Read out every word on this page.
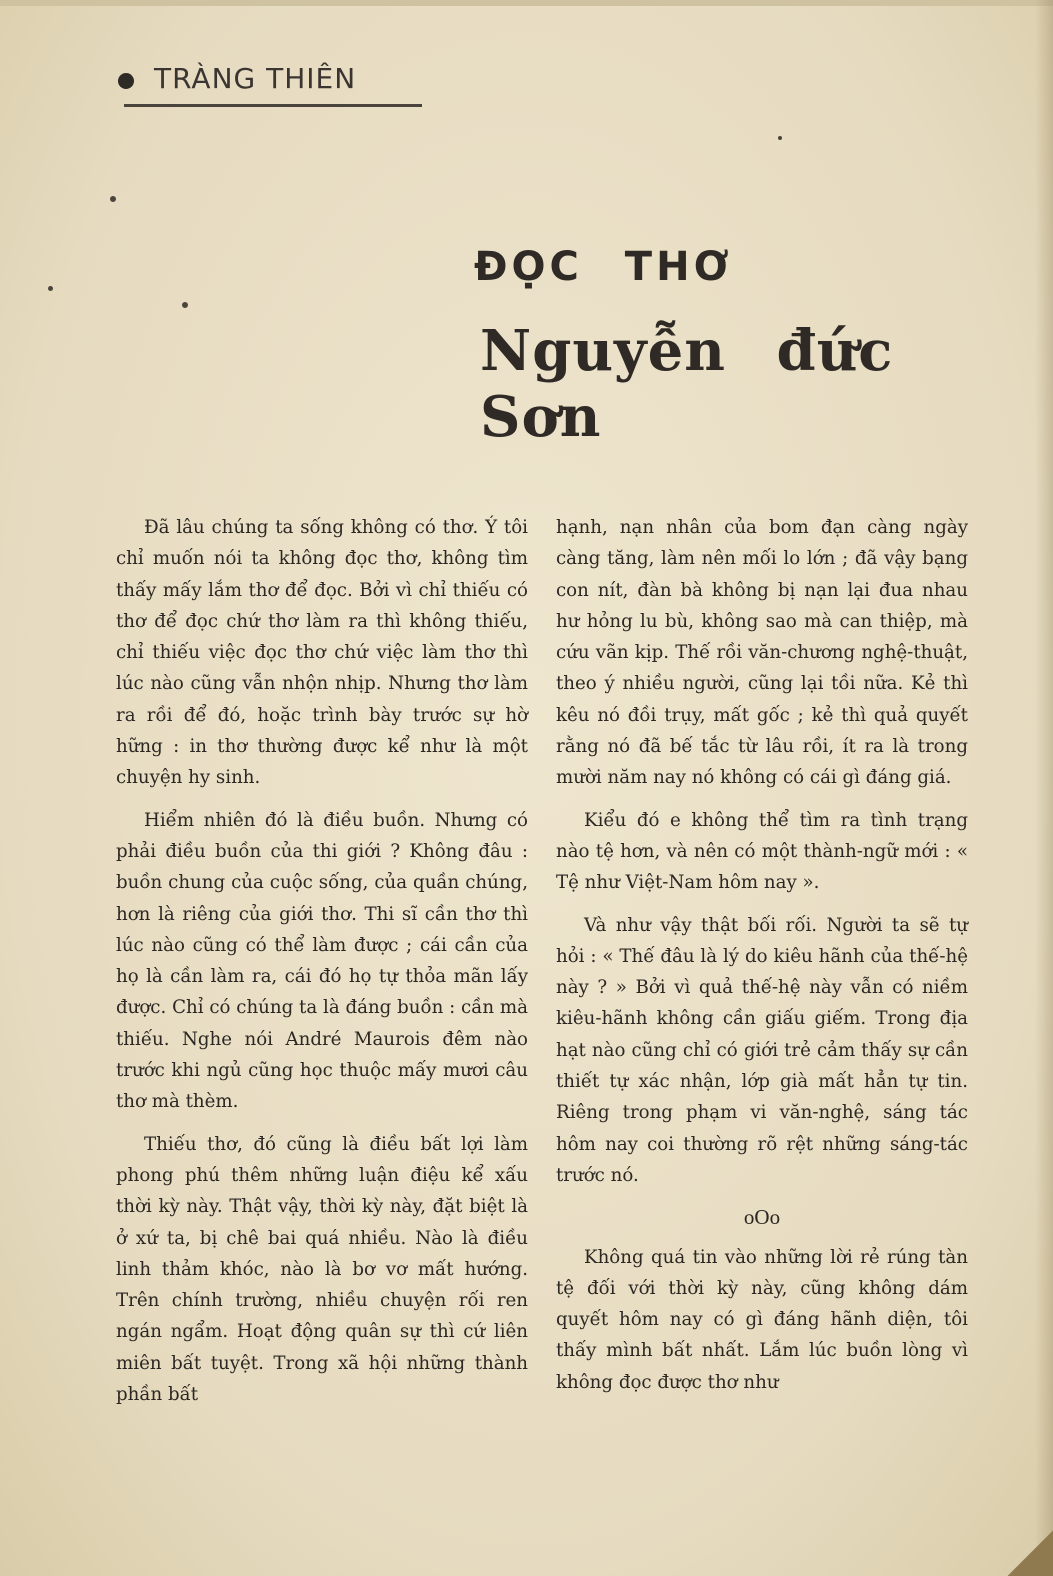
TRÀNG THIÊN
ĐỌC THƠ
Nguyễn đức Sơn

Đã lâu chúng ta sống không có thơ. Ý tôi chỉ muốn nói ta không đọc thơ, không tìm thấy mấy lắm thơ để đọc. Bởi vì chỉ thiếu có thơ để đọc chứ thơ làm ra thì không thiếu, chỉ thiếu việc đọc thơ chứ việc làm thơ thì lúc nào cũng vẫn nhộn nhịp. Nhưng thơ làm ra rồi để đó, hoặc trình bày trước sự hờ hững : in thơ thường được kể như là một chuyện hy sinh.

Hiểm nhiên đó là điều buồn. Nhưng có phải điều buồn của thi giới ? Không đâu : buồn chung của cuộc sống, của quần chúng, hơn là riêng của giới thơ. Thi sĩ cần thơ thì lúc nào cũng có thể làm được ; cái cần của họ là cần làm ra, cái đó họ tự thỏa mãn lấy được. Chỉ có chúng ta là đáng buồn : cần mà thiếu. Nghe nói André Maurois đêm nào trước khi ngủ cũng học thuộc mấy mươi câu thơ mà thèm.

Thiếu thơ, đó cũng là điều bất lợi làm phong phú thêm những luận điệu kể xấu thời kỳ này. Thật vậy, thời kỳ này, đặt biệt là ở xứ ta, bị chê bai quá nhiều. Nào là điều linh thảm khóc, nào là bơ vơ mất hướng. Trên chính trường, nhiều chuyện rối ren ngán ngẩm. Hoạt động quân sự thì cứ liên miên bất tuyệt. Trong xã hội những thành phần bất

hạnh, nạn nhân của bom đạn càng ngày càng tăng, làm nên mối lo lớn ; đã vậy bạng con nít, đàn bà không bị nạn lại đua nhau hư hỏng lu bù, không sao mà can thiệp, mà cứu vãn kịp. Thế rồi văn-chương nghệ-thuật, theo ý nhiều người, cũng lại tồi nữa. Kẻ thì kêu nó đồi trụy, mất gốc ; kẻ thì quả quyết rằng nó đã bế tắc từ lâu rồi, ít ra là trong mười năm nay nó không có cái gì đáng giá.

Kiểu đó e không thể tìm ra tình trạng nào tệ hơn, và nên có một thành-ngữ mới : « Tệ như Việt-Nam hôm nay ».

Và như vậy thật bối rối. Người ta sẽ tự hỏi : « Thế đâu là lý do kiêu hãnh của thế-hệ này ? » Bởi vì quả thế-hệ này vẫn có niềm kiêu-hãnh không cần giấu giếm. Trong địa hạt nào cũng chỉ có giới trẻ cảm thấy sự cần thiết tự xác nhận, lớp già mất hẳn tự tin. Riêng trong phạm vi văn-nghệ, sáng tác hôm nay coi thường rõ rệt những sáng-tác trước nó.

oOo

Không quá tin vào những lời rẻ rúng tàn tệ đối với thời kỳ này, cũng không dám quyết hôm nay có gì đáng hãnh diện, tôi thấy mình bất nhất. Lắm lúc buồn lòng vì không đọc được thơ như
